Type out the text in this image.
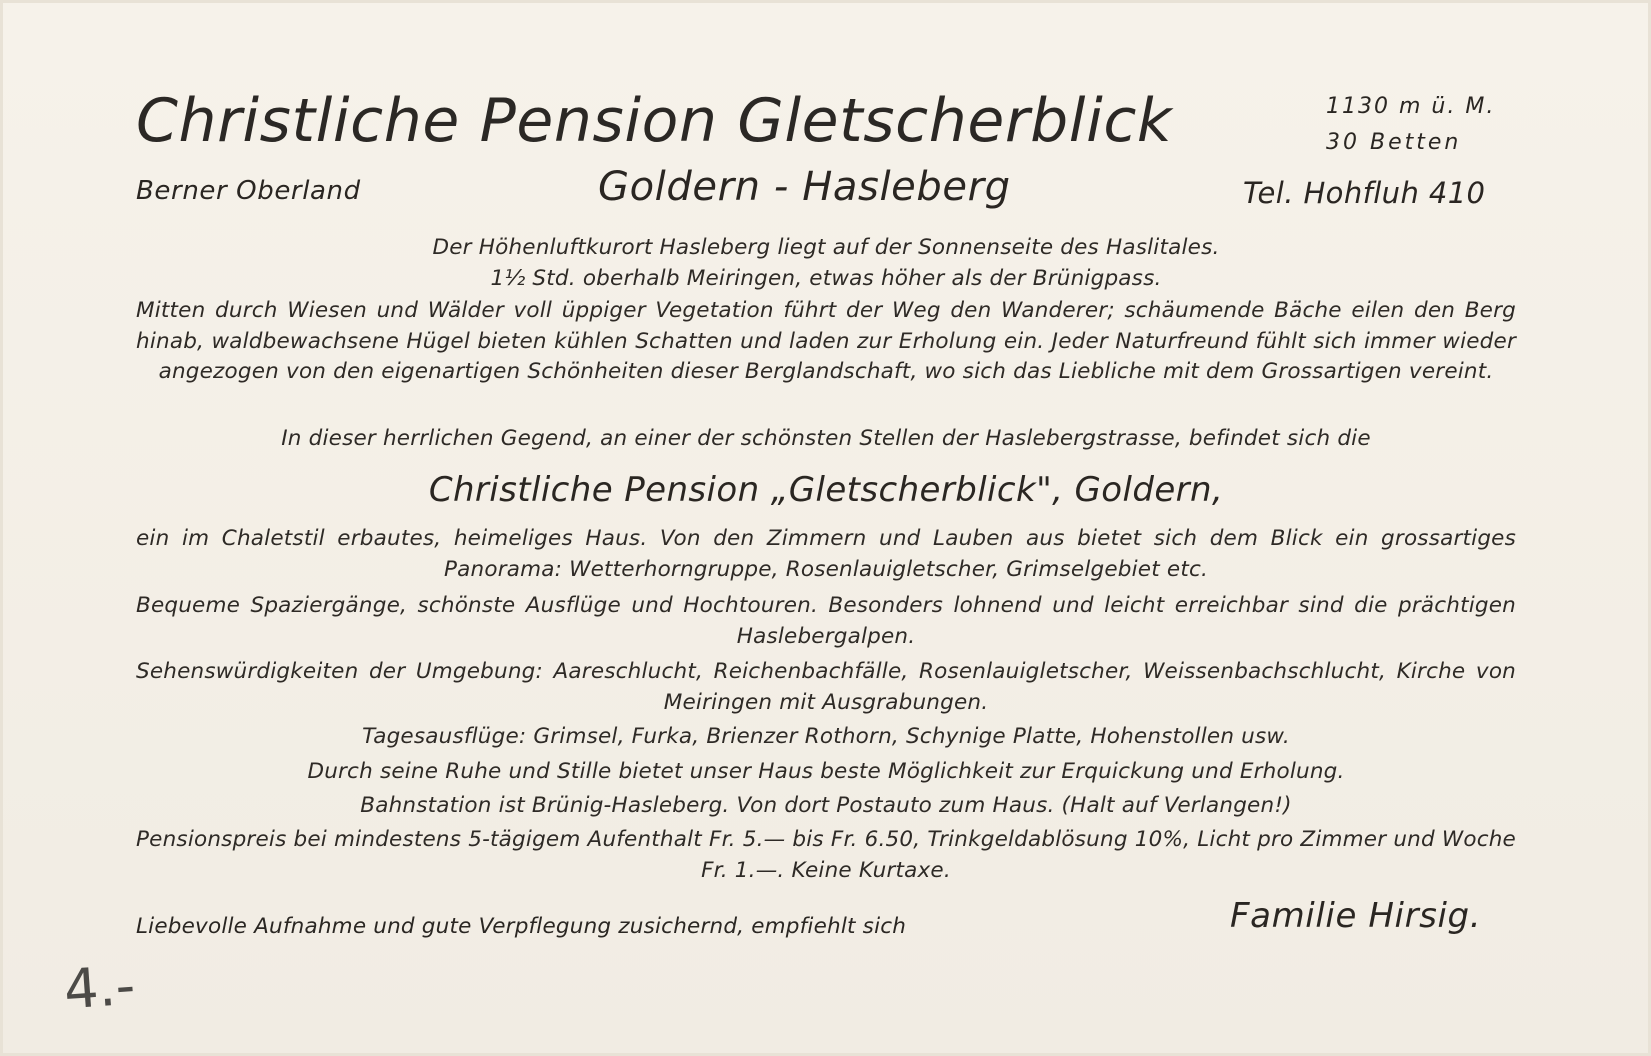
Christliche Pension Gletscherblick	1130 m ü. M.
30 Betten
Berner Oberland	Goldern - Hasleberg	Tel. Hohfluh 410

Der Höhenluftkurort Hasleberg liegt auf der Sonnenseite des Haslitales.

1½ Std. oberhalb Meiringen, etwas höher als der Brünigpass.

Mitten durch Wiesen und Wälder voll üppiger Vegetation führt der Weg den Wanderer; schäumende Bäche eilen den Berg hinab, waldbewachsene Hügel bieten kühlen Schatten und laden zur Erholung ein. Jeder Naturfreund fühlt sich immer wieder angezogen von den eigenartigen Schönheiten dieser Berglandschaft, wo sich das Liebliche mit dem Grossartigen vereint.
In dieser herrlichen Gegend, an einer der schönsten Stellen der Haslebergstrasse, befindet sich die
Christliche Pension „Gletscherblick", Goldern,
ein im Chaletstil erbautes, heimeliges Haus. Von den Zimmern und Lauben aus bietet sich dem Blick ein grossartiges Panorama: Wetterhorngruppe, Rosenlauigletscher, Grimselgebiet etc.
Bequeme Spaziergänge, schönste Ausflüge und Hochtouren. Besonders lohnend und leicht erreichbar sind die prächtigen Haslebergalpen.
Sehenswürdigkeiten der Umgebung: Aareschlucht, Reichenbachfälle, Rosenlauigletscher, Weissenbachschlucht, Kirche von Meiringen mit Ausgrabungen.
Tagesausflüge: Grimsel, Furka, Brienzer Rothorn, Schynige Platte, Hohenstollen usw.
Durch seine Ruhe und Stille bietet unser Haus beste Möglichkeit zur Erquickung und Erholung.
Bahnstation ist Brünig-Hasleberg. Von dort Postauto zum Haus. (Halt auf Verlangen!)
Pensionspreis bei mindestens 5-tägigem Aufenthalt Fr. 5.— bis Fr. 6.50, Trinkgeldablösung 10%, Licht pro Zimmer und Woche Fr. 1.—. Keine Kurtaxe.
Liebevolle Aufnahme und gute Verpflegung zusichernd, empfiehlt sich	Familie Hirsig.
4.-
